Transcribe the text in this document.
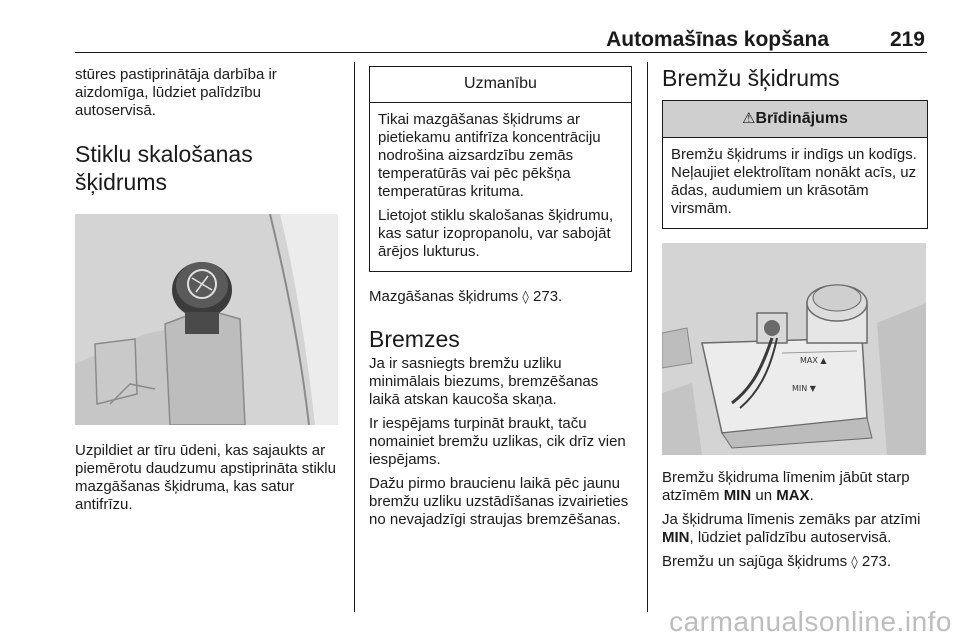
Automašīnas kopšana	219

stūres pastiprinātāja darbība ir aizdomīga, lūdziet palīdzību autoservisā.

Stiklu skalošanas šķidrums

Uzpildiet ar tīru ūdeni, kas sajaukts ar piemērotu daudzumu apstiprināta stiklu mazgāšanas šķidruma, kas satur antifrīzu.

Uzmanību

Tikai mazgāšanas šķidrums ar pietiekamu antifrīza koncentrāciju nodrošina aizsardzību zemās temperatūrās vai pēc pēkšņa temperatūras krituma.

Lietojot stiklu skalošanas šķidrumu, kas satur izopropanolu, var sabojāt ārējos lukturus.

Mazgāšanas šķidrums ◊ 273.

Bremzes

Ja ir sasniegts bremžu uzliku minimālais biezums, bremzēšanas laikā atskan kaucoša skaņa.

Ir iespējams turpināt braukt, taču nomainiet bremžu uzlikas, cik drīz vien iespējams.

Dažu pirmo braucienu laikā pēc jaunu bremžu uzliku uzstādīšanas izvairieties no nevajadzīgi straujas bremzēšanas.

Bremžu šķidrums
⚠Brīdinājums

Bremžu šķidrums ir indīgs un kodīgs. Neļaujiet elektrolītam nonākt acīs, uz ādas, audumiem un krāsotām virsmām.

MAX ▲
MIN ▼

Bremžu šķidruma līmenim jābūt starp atzīmēm MIN un MAX.

Ja šķidruma līmenis zemāks par atzīmi MIN, lūdziet palīdzību autoservisā.

Bremžu un sajūga šķidrums ◊ 273.

carmanualsonline.info
